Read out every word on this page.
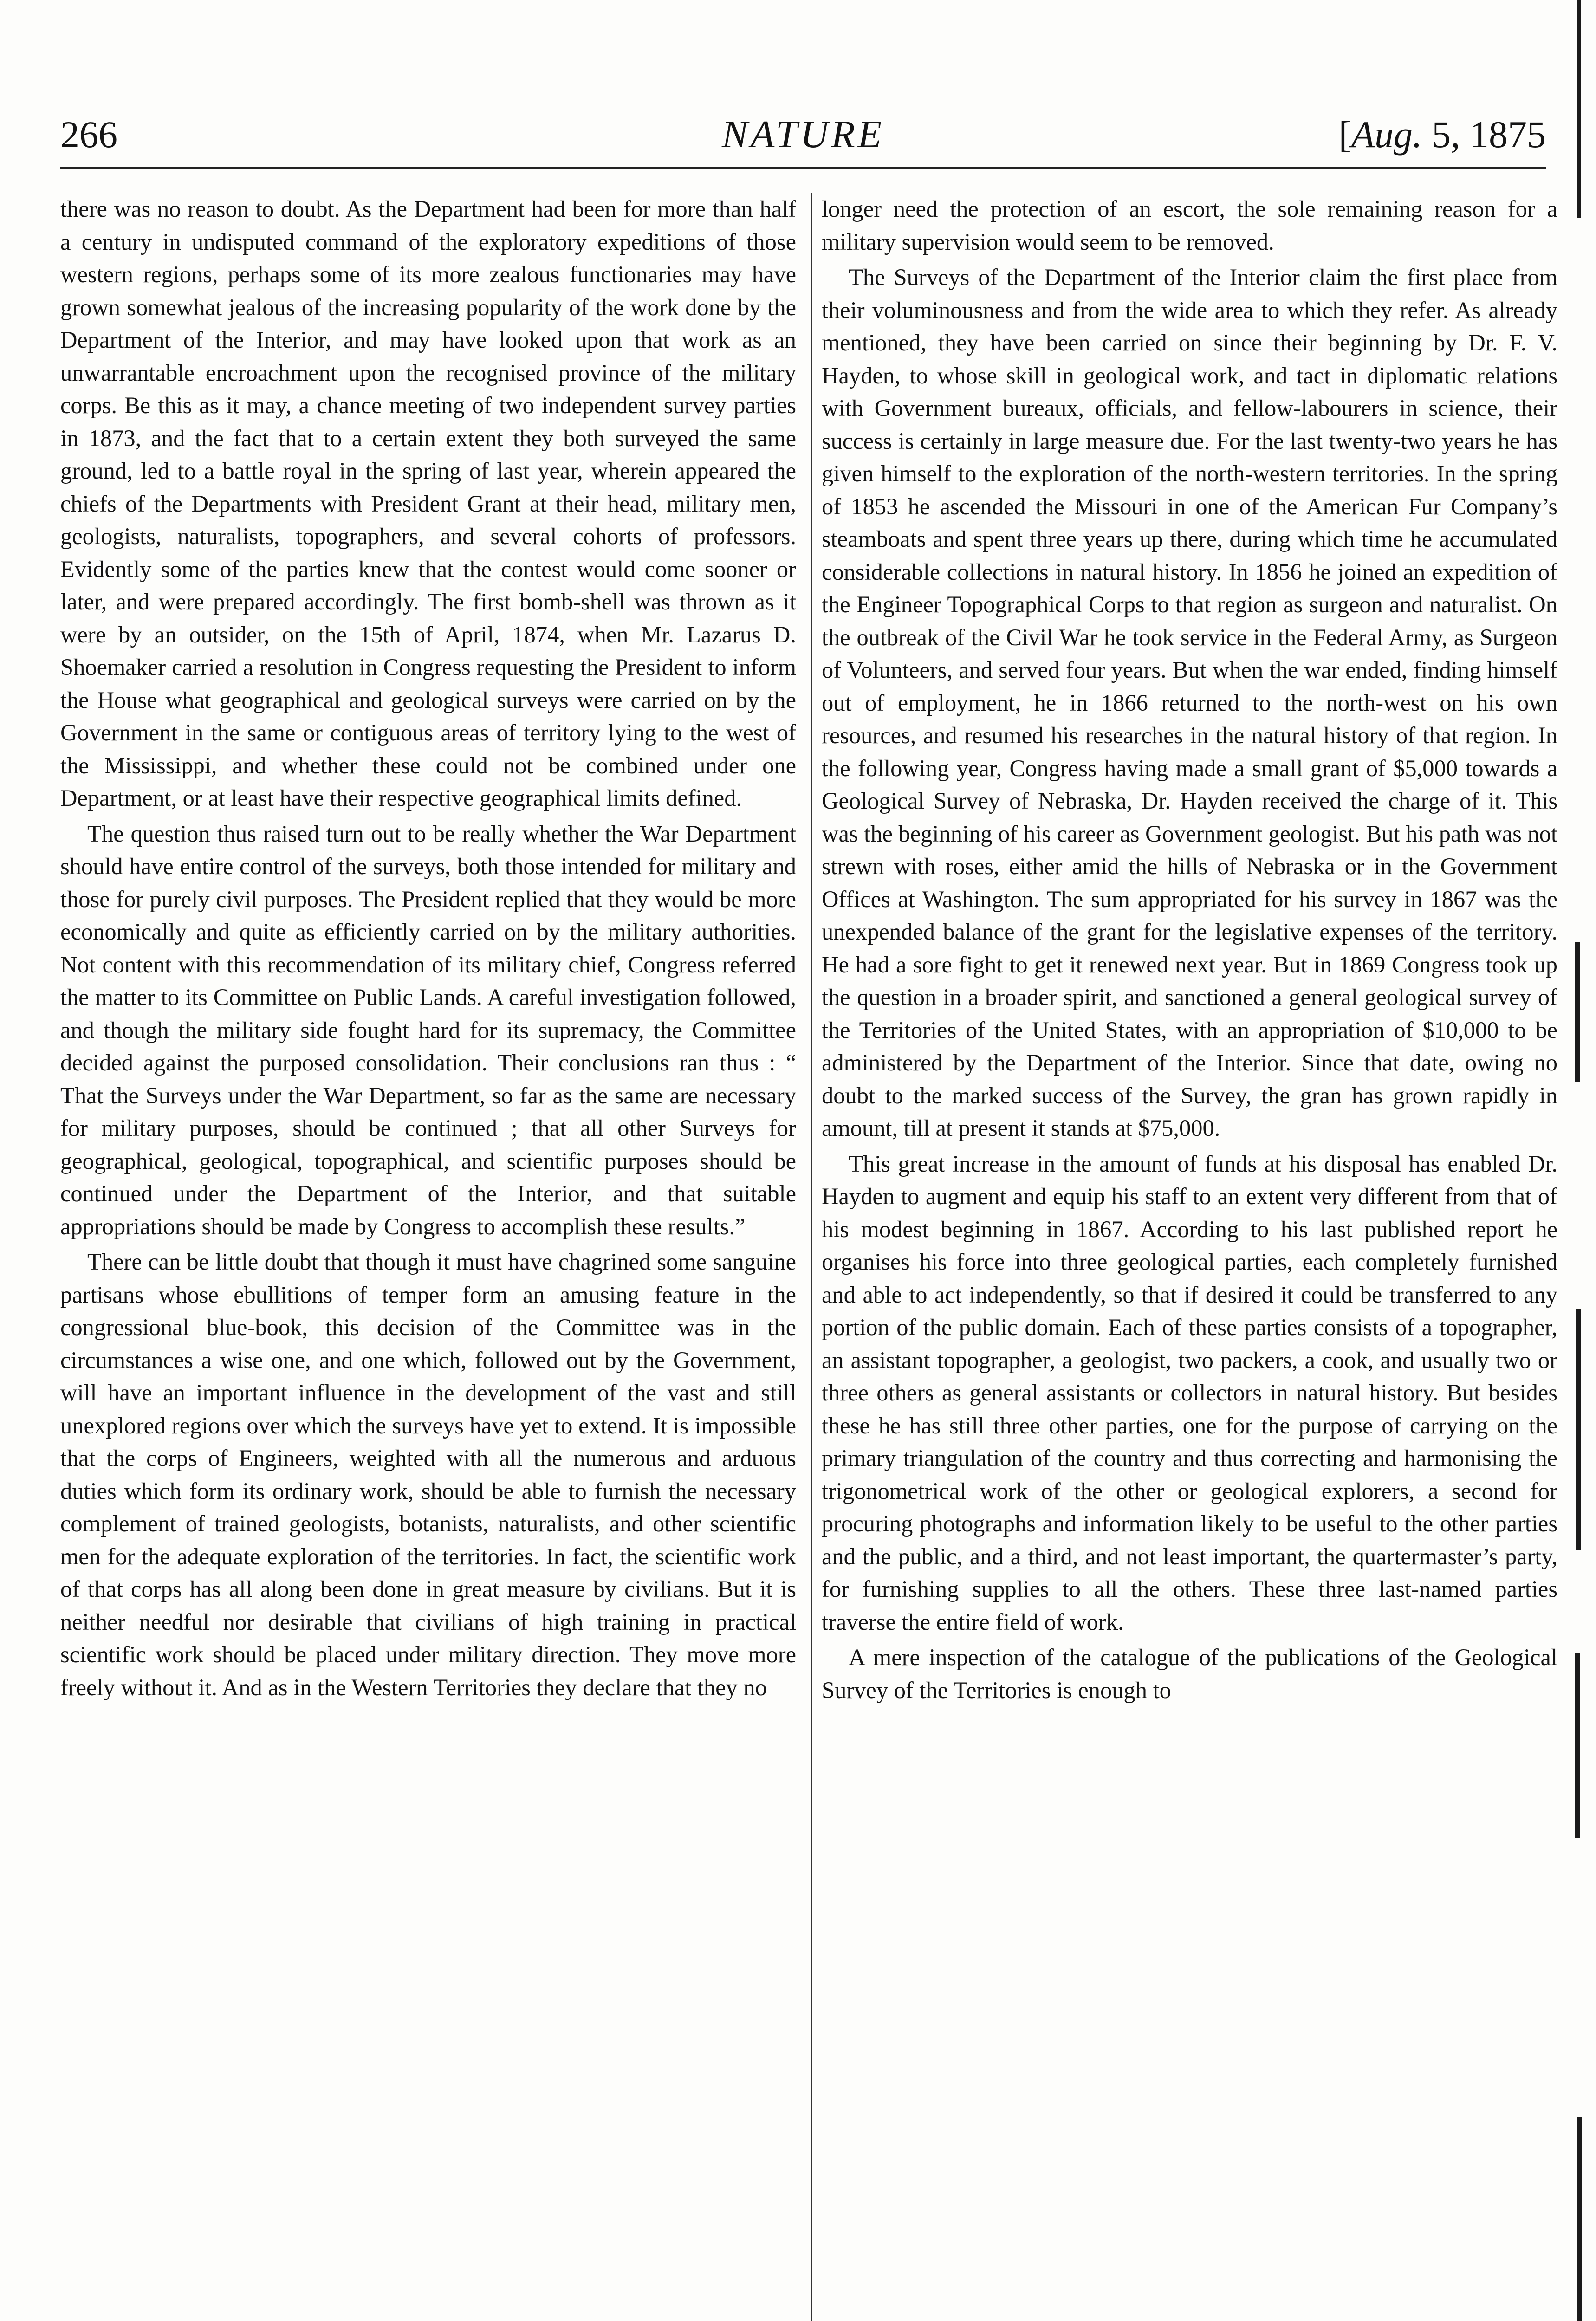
266	NATURE	[Aug. 5, 1875

there was no reason to doubt. As the Department had been for more than half a century in undisputed command of the exploratory expeditions of those western regions, perhaps some of its more zealous functionaries may have grown somewhat jealous of the increasing popularity of the work done by the Department of the Interior, and may have looked upon that work as an unwarrantable encroachment upon the recognised province of the military corps. Be this as it may, a chance meeting of two independent survey parties in 1873, and the fact that to a certain extent they both surveyed the same ground, led to a battle royal in the spring of last year, wherein appeared the chiefs of the Departments with President Grant at their head, military men, geologists, naturalists, topographers, and several cohorts of professors. Evidently some of the parties knew that the contest would come sooner or later, and were prepared accordingly. The first bomb-shell was thrown as it were by an outsider, on the 15th of April, 1874, when Mr. Lazarus D. Shoemaker carried a resolution in Congress requesting the President to inform the House what geographical and geological surveys were carried on by the Government in the same or contiguous areas of territory lying to the west of the Mississippi, and whether these could not be combined under one Department, or at least have their respective geographical limits defined.

The question thus raised turn out to be really whether the War Department should have entire control of the surveys, both those intended for military and those for purely civil purposes. The President replied that they would be more economically and quite as efficiently carried on by the military authorities. Not content with this recommendation of its military chief, Congress referred the matter to its Committee on Public Lands. A careful investigation followed, and though the military side fought hard for its supremacy, the Committee decided against the purposed consolidation. Their conclusions ran thus : “ That the Surveys under the War Department, so far as the same are necessary for military purposes, should be continued ; that all other Surveys for geographical, geological, topographical, and scientific purposes should be continued under the Department of the Interior, and that suitable appropriations should be made by Congress to accomplish these results.”

There can be little doubt that though it must have chagrined some sanguine partisans whose ebullitions of temper form an amusing feature in the congressional blue-book, this decision of the Committee was in the circumstances a wise one, and one which, followed out by the Government, will have an important influence in the development of the vast and still unexplored regions over which the surveys have yet to extend. It is impossible that the corps of Engineers, weighted with all the numerous and arduous duties which form its ordinary work, should be able to furnish the necessary complement of trained geologists, botanists, naturalists, and other scientific men for the adequate exploration of the territories. In fact, the scientific work of that corps has all along been done in great measure by civilians. But it is neither needful nor desirable that civilians of high training in practical scientific work should be placed under military direction. They move more freely without it. And as in the Western Territories they declare that they no

longer need the protection of an escort, the sole remaining reason for a military supervision would seem to be removed.

The Surveys of the Department of the Interior claim the first place from their voluminousness and from the wide area to which they refer. As already mentioned, they have been carried on since their beginning by Dr. F. V. Hayden, to whose skill in geological work, and tact in diplomatic relations with Government bureaux, officials, and fellow-labourers in science, their success is certainly in large measure due. For the last twenty-two years he has given himself to the exploration of the north-western territories. In the spring of 1853 he ascended the Missouri in one of the American Fur Company’s steamboats and spent three years up there, during which time he accumulated considerable collections in natural history. In 1856 he joined an expedition of the Engineer Topographical Corps to that region as surgeon and naturalist. On the outbreak of the Civil War he took service in the Federal Army, as Surgeon of Volunteers, and served four years. But when the war ended, finding himself out of employment, he in 1866 returned to the north-west on his own resources, and resumed his researches in the natural history of that region. In the following year, Congress having made a small grant of $5,000 towards a Geological Survey of Nebraska, Dr. Hayden received the charge of it. This was the beginning of his career as Government geologist. But his path was not strewn with roses, either amid the hills of Nebraska or in the Government Offices at Washington. The sum appropriated for his survey in 1867 was the unexpended balance of the grant for the legislative expenses of the territory. He had a sore fight to get it renewed next year. But in 1869 Congress took up the question in a broader spirit, and sanctioned a general geological survey of the Territories of the United States, with an appropriation of $10,000 to be administered by the Department of the Interior. Since that date, owing no doubt to the marked success of the Survey, the gran has grown rapidly in amount, till at present it stands at $75,000.

This great increase in the amount of funds at his disposal has enabled Dr. Hayden to augment and equip his staff to an extent very different from that of his modest beginning in 1867. According to his last published report he organises his force into three geological parties, each completely furnished and able to act independently, so that if desired it could be transferred to any portion of the public domain. Each of these parties consists of a topographer, an assistant topographer, a geologist, two packers, a cook, and usually two or three others as general assistants or collectors in natural history. But besides these he has still three other parties, one for the purpose of carrying on the primary triangulation of the country and thus correcting and harmonising the trigonometrical work of the other or geological explorers, a second for procuring photographs and information likely to be useful to the other parties and the public, and a third, and not least important, the quartermaster’s party, for furnishing supplies to all the others. These three last-named parties traverse the entire field of work.

A mere inspection of the catalogue of the publications of the Geological Survey of the Territories is enough to
